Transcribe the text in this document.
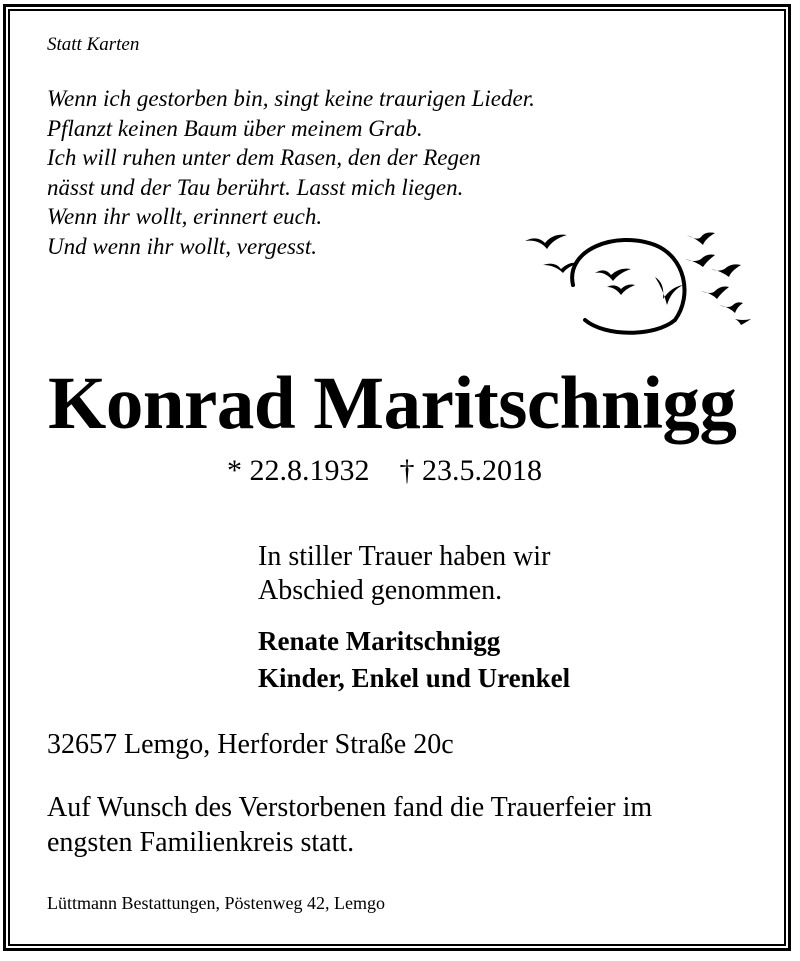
Statt Karten

Wenn ich gestorben bin, singt keine traurigen Lieder.
Pflanzt keinen Baum über meinem Grab.
Ich will ruhen unter dem Rasen, den der Regen
nässt und der Tau berührt. Lasst mich liegen.
Wenn ihr wollt, erinnert euch.
Und wenn ihr wollt, vergesst.
Konrad Maritschnigg
* 22.8.1932 † 23.5.2018
In stiller Trauer haben wir
Abschied genommen.
Renate Maritschnigg
Kinder, Enkel und Urenkel
32657 Lemgo, Herforder Straße 20c
Auf Wunsch des Verstorbenen fand die Trauerfeier im
engsten Familienkreis statt.
Lüttmann Bestattungen, Pöstenweg 42, Lemgo
